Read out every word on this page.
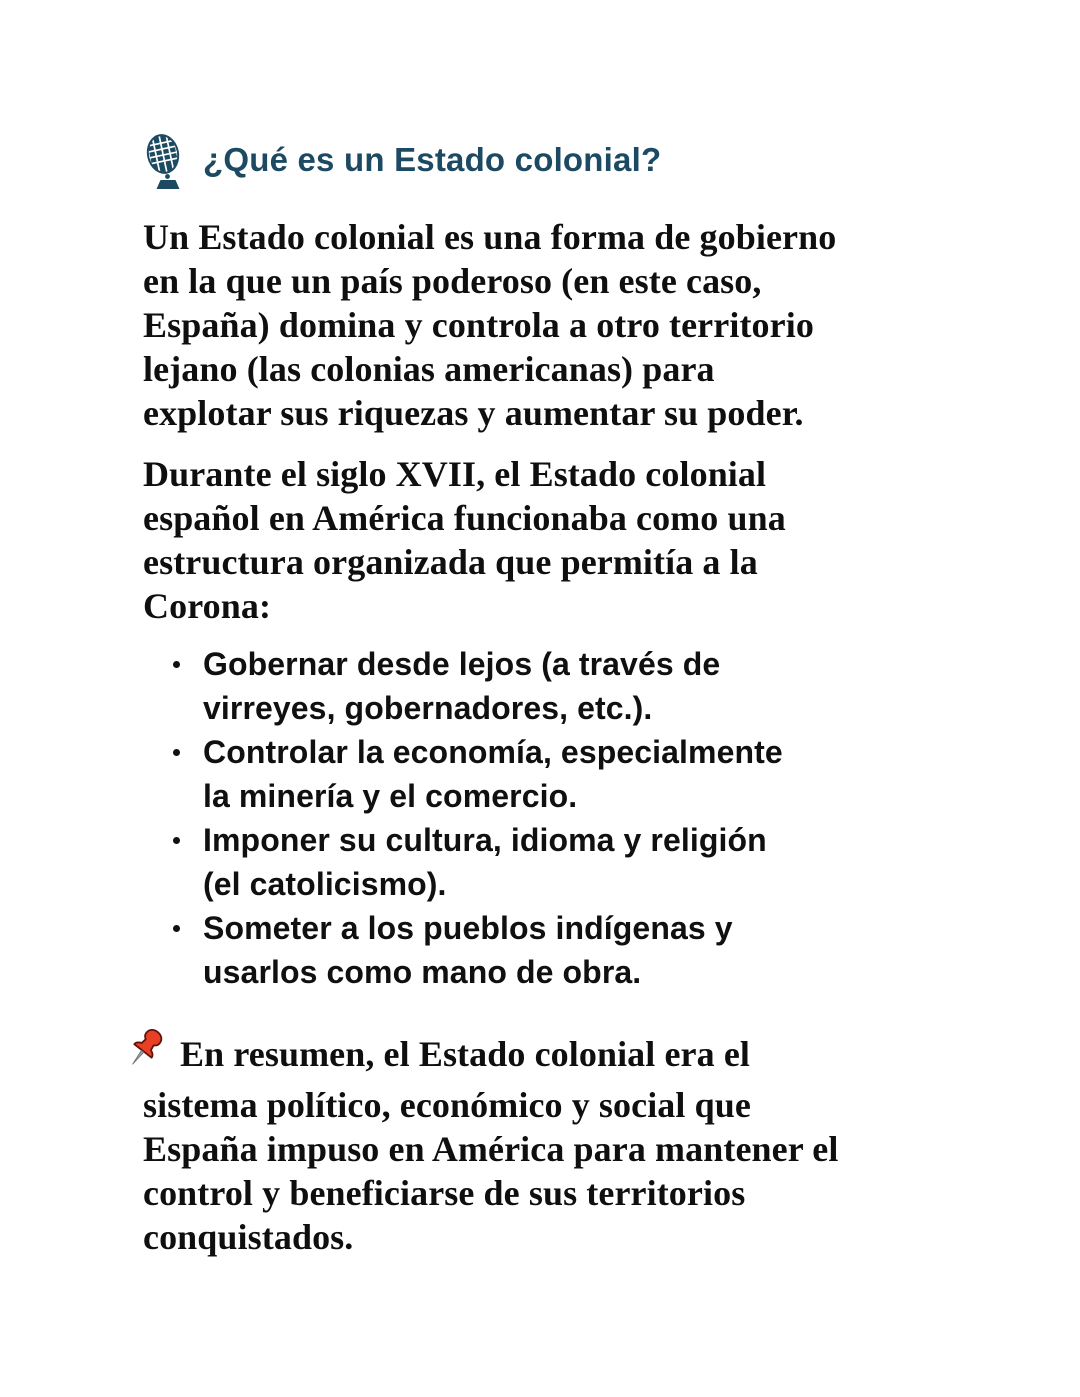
¿Qué es un Estado colonial?

Un Estado colonial es una forma de gobierno
en la que un país poderoso (en este caso,
España) domina y controla a otro territorio
lejano (las colonias americanas) para
explotar sus riquezas y aumentar su poder.

Durante el siglo XVII, el Estado colonial
español en América funcionaba como una
estructura organizada que permitía a la
Corona:

Gobernar desde lejos (a través de
virreyes, gobernadores, etc.).
Controlar la economía, especialmente
la minería y el comercio.
Imponer su cultura, idioma y religión
(el catolicismo).
Someter a los pueblos indígenas y
usarlos como mano de obra.

En resumen, el Estado colonial era el
sistema político, económico y social que
España impuso en América para mantener el
control y beneficiarse de sus territorios
conquistados.
